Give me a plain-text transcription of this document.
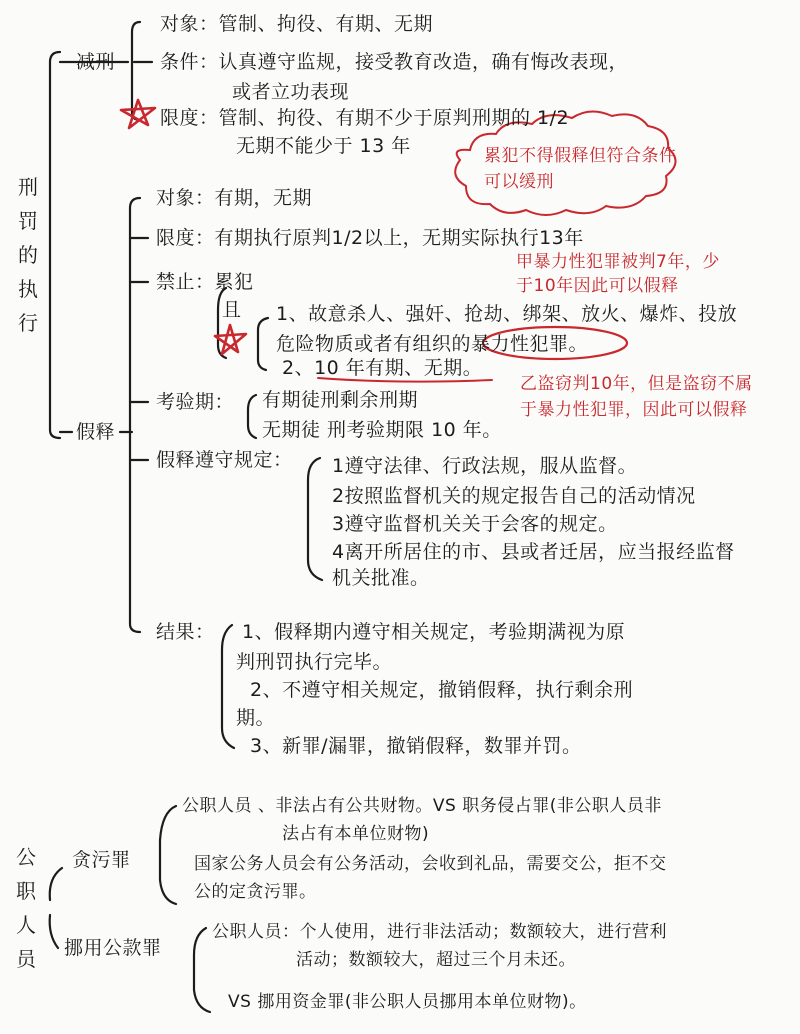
刑罚的执行
减刑
对象：管制、拘役、有期、无期
条件：认真遵守监规，接受教育改造，确有悔改表现，
或者立功表现
限度：管制、拘役、有期不少于原判刑期的 1/2
无期不能少于 13 年	累犯不得假释但符合条件
可以缓刑
假释
对象：有期，无期
限度：有期执行原判1/2以上，无期实际执行13年
甲暴力性犯罪被判7年，少
于10年因此可以假释
禁止：累犯
且 1、故意杀人、强奸、抢劫、绑架、放火、爆炸、投放
危险物质或者有组织的暴力性犯罪。
2、10 年有期、无期。
乙盗窃判10年，但是盗窃不属
于暴力性犯罪，因此可以假释
考验期： 有期徒刑剩余刑期
无期徒 刑考验期限 10 年。
假释遵守规定： 1遵守法律、行政法规，服从监督。
2按照监督机关的规定报告自己的活动情况
3遵守监督机关关于会客的规定。
4离开所居住的市、县或者迁居，应当报经监督
机关批准。
结果： 1、假释期内遵守相关规定，考验期满视为原
判刑罚执行完毕。
2、不遵守相关规定，撤销假释，执行剩余刑
期。
3、新罪/漏罪，撤销假释，数罪并罚。
公职人员
贪污罪
公职人员 、非法占有公共财物。VS 职务侵占罪(非公职人员非
法占有本单位财物)
国家公务人员会有公务活动，会收到礼品，需要交公，拒不交
公的定贪污罪。
挪用公款罪
公职人员：个人使用，进行非法活动；数额较大，进行营利
活动；数额较大，超过三个月未还。
VS 挪用资金罪(非公职人员挪用本单位财物)。
